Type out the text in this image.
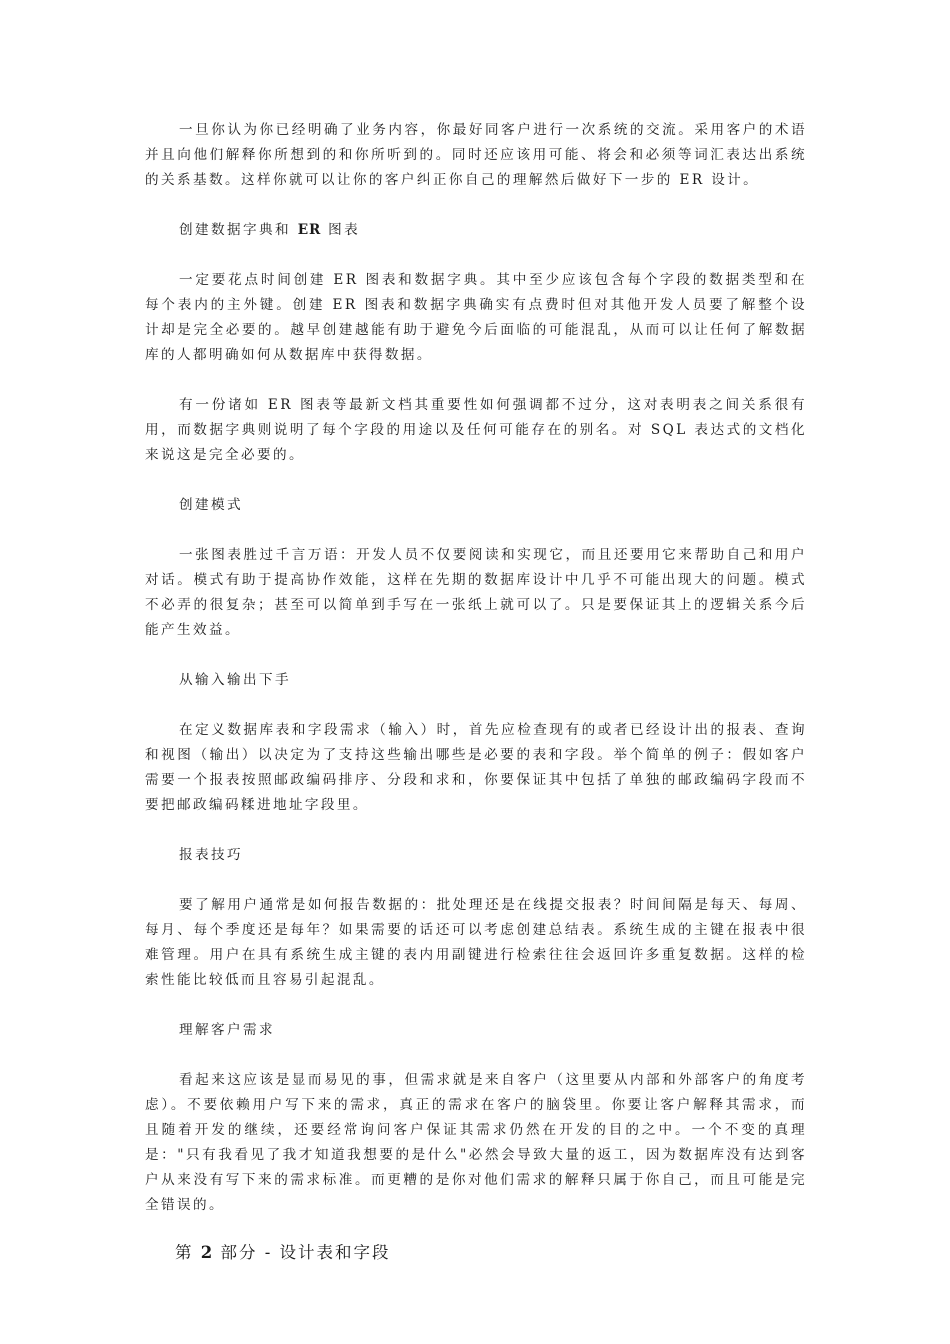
一旦你认为你已经明确了业务内容，你最好同客户进行一次系统的交流。采用客户的术语并且向他们解释你所想到的和你所听到的。同时还应该用可能、将会和必须等词汇表达出系统的关系基数。这样你就可以让你的客户纠正你自己的理解然后做好下一步的 ER 设计。

创建数据字典和 ER 图表

一定要花点时间创建 ER 图表和数据字典。其中至少应该包含每个字段的数据类型和在每个表内的主外键。创建 ER 图表和数据字典确实有点费时但对其他开发人员要了解整个设计却是完全必要的。越早创建越能有助于避免今后面临的可能混乱，从而可以让任何了解数据库的人都明确如何从数据库中获得数据。

有一份诸如 ER 图表等最新文档其重要性如何强调都不过分，这对表明表之间关系很有用，而数据字典则说明了每个字段的用途以及任何可能存在的别名。对 SQL 表达式的文档化来说这是完全必要的。

创建模式

一张图表胜过千言万语：开发人员不仅要阅读和实现它，而且还要用它来帮助自己和用户对话。模式有助于提高协作效能，这样在先期的数据库设计中几乎不可能出现大的问题。模式不必弄的很复杂；甚至可以简单到手写在一张纸上就可以了。只是要保证其上的逻辑关系今后能产生效益。

从输入输出下手

在定义数据库表和字段需求（输入）时，首先应检查现有的或者已经设计出的报表、查询和视图（输出）以决定为了支持这些输出哪些是必要的表和字段。举个简单的例子：假如客户需要一个报表按照邮政编码排序、分段和求和，你要保证其中包括了单独的邮政编码字段而不要把邮政编码糅进地址字段里。

报表技巧

要了解用户通常是如何报告数据的：批处理还是在线提交报表？时间间隔是每天、每周、每月、每个季度还是每年？如果需要的话还可以考虑创建总结表。系统生成的主键在报表中很难管理。用户在具有系统生成主键的表内用副键进行检索往往会返回许多重复数据。这样的检索性能比较低而且容易引起混乱。

理解客户需求

看起来这应该是显而易见的事，但需求就是来自客户（这里要从内部和外部客户的角度考虑）。不要依赖用户写下来的需求，真正的需求在客户的脑袋里。你要让客户解释其需求，而且随着开发的继续，还要经常询问客户保证其需求仍然在开发的目的之中。一个不变的真理是："只有我看见了我才知道我想要的是什么"必然会导致大量的返工，因为数据库没有达到客户从来没有写下来的需求标准。而更糟的是你对他们需求的解释只属于你自己，而且可能是完全错误的。

第 2 部分 - 设计表和字段
